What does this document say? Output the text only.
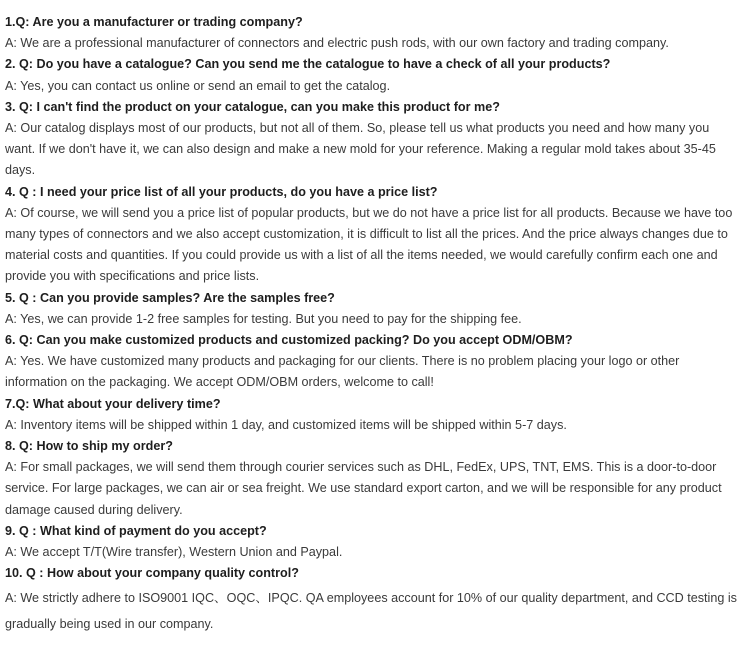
1.Q: Are you a manufacturer or trading company?
A: We are a professional manufacturer of connectors and electric push rods, with our own factory and trading company.
2. Q: Do you have a catalogue? Can you send me the catalogue to have a check of all your products?
A: Yes, you can contact us online or send an email to get the catalog.
3. Q: I can't find the product on your catalogue, can you make this product for me?
A: Our catalog displays most of our products, but not all of them. So, please tell us what products you need and how many you want. If we don't have it, we can also design and make a new mold for your reference. Making a regular mold takes about 35-45 days.
4. Q : I need your price list of all your products, do you have a price list?
A: Of course, we will send you a price list of popular products, but we do not have a price list for all products. Because we have too many types of connectors and we also accept customization, it is difficult to list all the prices. And the price always changes due to material costs and quantities. If you could provide us with a list of all the items needed, we would carefully confirm each one and provide you with specifications and price lists.
5. Q : Can you provide samples? Are the samples free?
A: Yes, we can provide 1-2 free samples for testing. But you need to pay for the shipping fee.
6. Q: Can you make customized products and customized packing? Do you accept ODM/OBM?
A: Yes. We have customized many products and packaging for our clients. There is no problem placing your logo or other information on the packaging. We accept ODM/OBM orders, welcome to call!
7.Q: What about your delivery time?
A: Inventory items will be shipped within 1 day, and customized items will be shipped within 5-7 days.
8. Q: How to ship my order?
A: For small packages, we will send them through courier services such as DHL, FedEx, UPS, TNT, EMS. This is a door-to-door service. For large packages, we can air or sea freight. We use standard export carton, and we will be responsible for any product damage caused during delivery.
9. Q : What kind of payment do you accept?
A: We accept T/T(Wire transfer), Western Union and Paypal.
10. Q : How about your company quality control?
A: We strictly adhere to ISO9001 IQC、OQC、IPQC. QA employees account for 10% of our quality department, and CCD testing is gradually being used in our company.
